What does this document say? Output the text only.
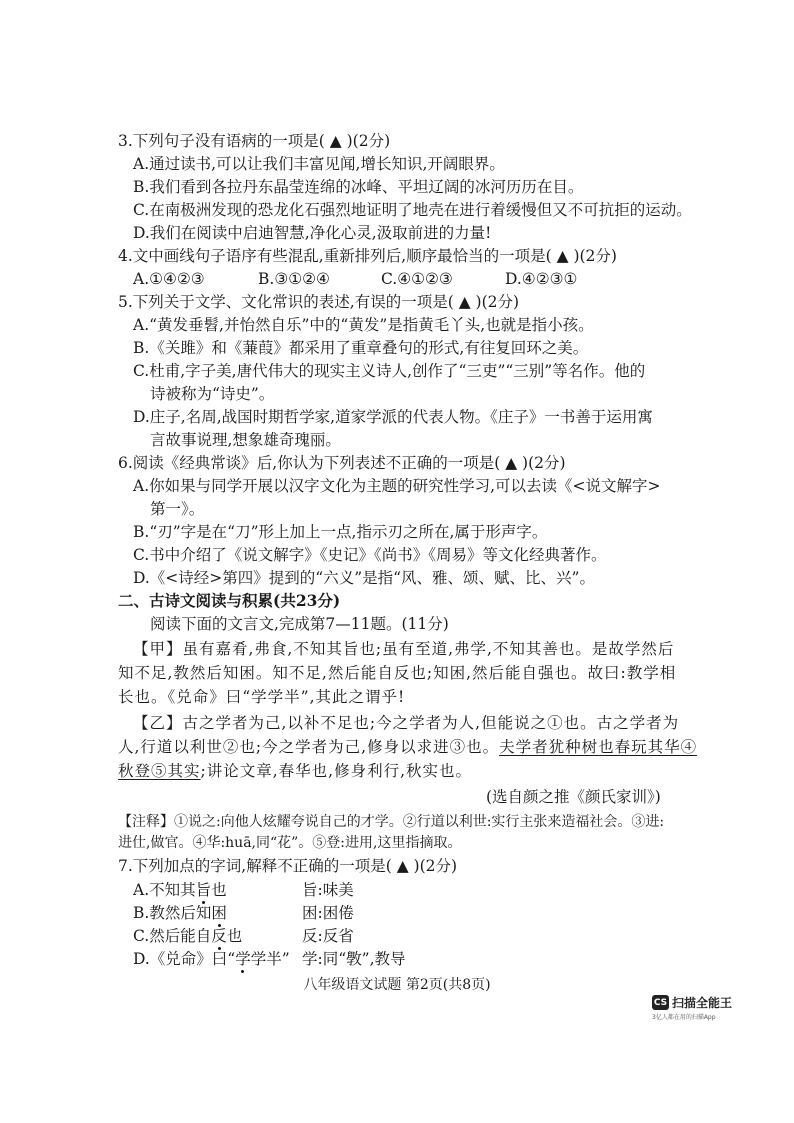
3.下列句子没有语病的一项是( ▲ )(2分)
A.通过读书,可以让我们丰富见闻,增长知识,开阔眼界。
B.我们看到各拉丹东晶莹连绵的冰峰、平坦辽阔的冰河历历在目。
C.在南极洲发现的恐龙化石强烈地证明了地壳在进行着缓慢但又不可抗拒的运动。
D.我们在阅读中启迪智慧,净化心灵,汲取前进的力量!
4.文中画线句子语序有些混乱,重新排列后,顺序最恰当的一项是( ▲ )(2分)
A.①④②③	B.③①②④	C.④①②③	D.④②③①
5.下列关于文学、文化常识的表述,有误的一项是( ▲ )(2分)
A.“黄发垂髫,并怡然自乐”中的“黄发”是指黄毛丫头,也就是指小孩。
B.《关雎》和《蒹葭》都采用了重章叠句的形式,有往复回环之美。
C.杜甫,字子美,唐代伟大的现实主义诗人,创作了“三吏”“三别”等名作。他的
诗被称为“诗史”。
D.庄子,名周,战国时期哲学家,道家学派的代表人物。《庄子》一书善于运用寓
言故事说理,想象雄奇瑰丽。
6.阅读《经典常谈》后,你认为下列表述不正确的一项是( ▲ )(2分)
A.你如果与同学开展以汉字文化为主题的研究性学习,可以去读《<说文解字>
第一》。
B.“刃”字是在“刀”形上加上一点,指示刃之所在,属于形声字。
C.书中介绍了《说文解字》《史记》《尚书》《周易》等文化经典著作。
D.《<诗经>第四》提到的“六义”是指“风、雅、颂、赋、比、兴”。
二、古诗文阅读与积累(共23分)
阅读下面的文言文,完成第7—11题。(11分)
【甲】虽有嘉肴,弗食,不知其旨也;虽有至道,弗学,不知其善也。是故学然后
知不足,教然后知困。知不足,然后能自反也;知困,然后能自强也。故曰:教学相
长也。《兑命》曰“学学半”,其此之谓乎!
【乙】古之学者为己,以补不足也;今之学者为人,但能说之①也。古之学者为
人,行道以利世②也;今之学者为己,修身以求进③也。夫学者犹种树也春玩其华④
秋登⑤其实;讲论文章,春华也,修身利行,秋实也。
(选自颜之推《颜氏家训》)
【注释】①说之:向他人炫耀夸说自己的才学。②行道以利世:实行主张来造福社会。③进:
进仕,做官。④华:huā,同“花”。⑤登:进用,这里指摘取。
7.下列加点的字词,解释不正确的一项是( ▲ )(2分)
A.不知其旨也	旨:味美
B.教然后知困	困:困倦
C.然后能自反也	反:反省
D.《兑命》曰“学学半” 学:同“斆”,教导
八年级语文试题 第2页(共8页)
CS 扫描全能王
3亿人都在用的扫描App
